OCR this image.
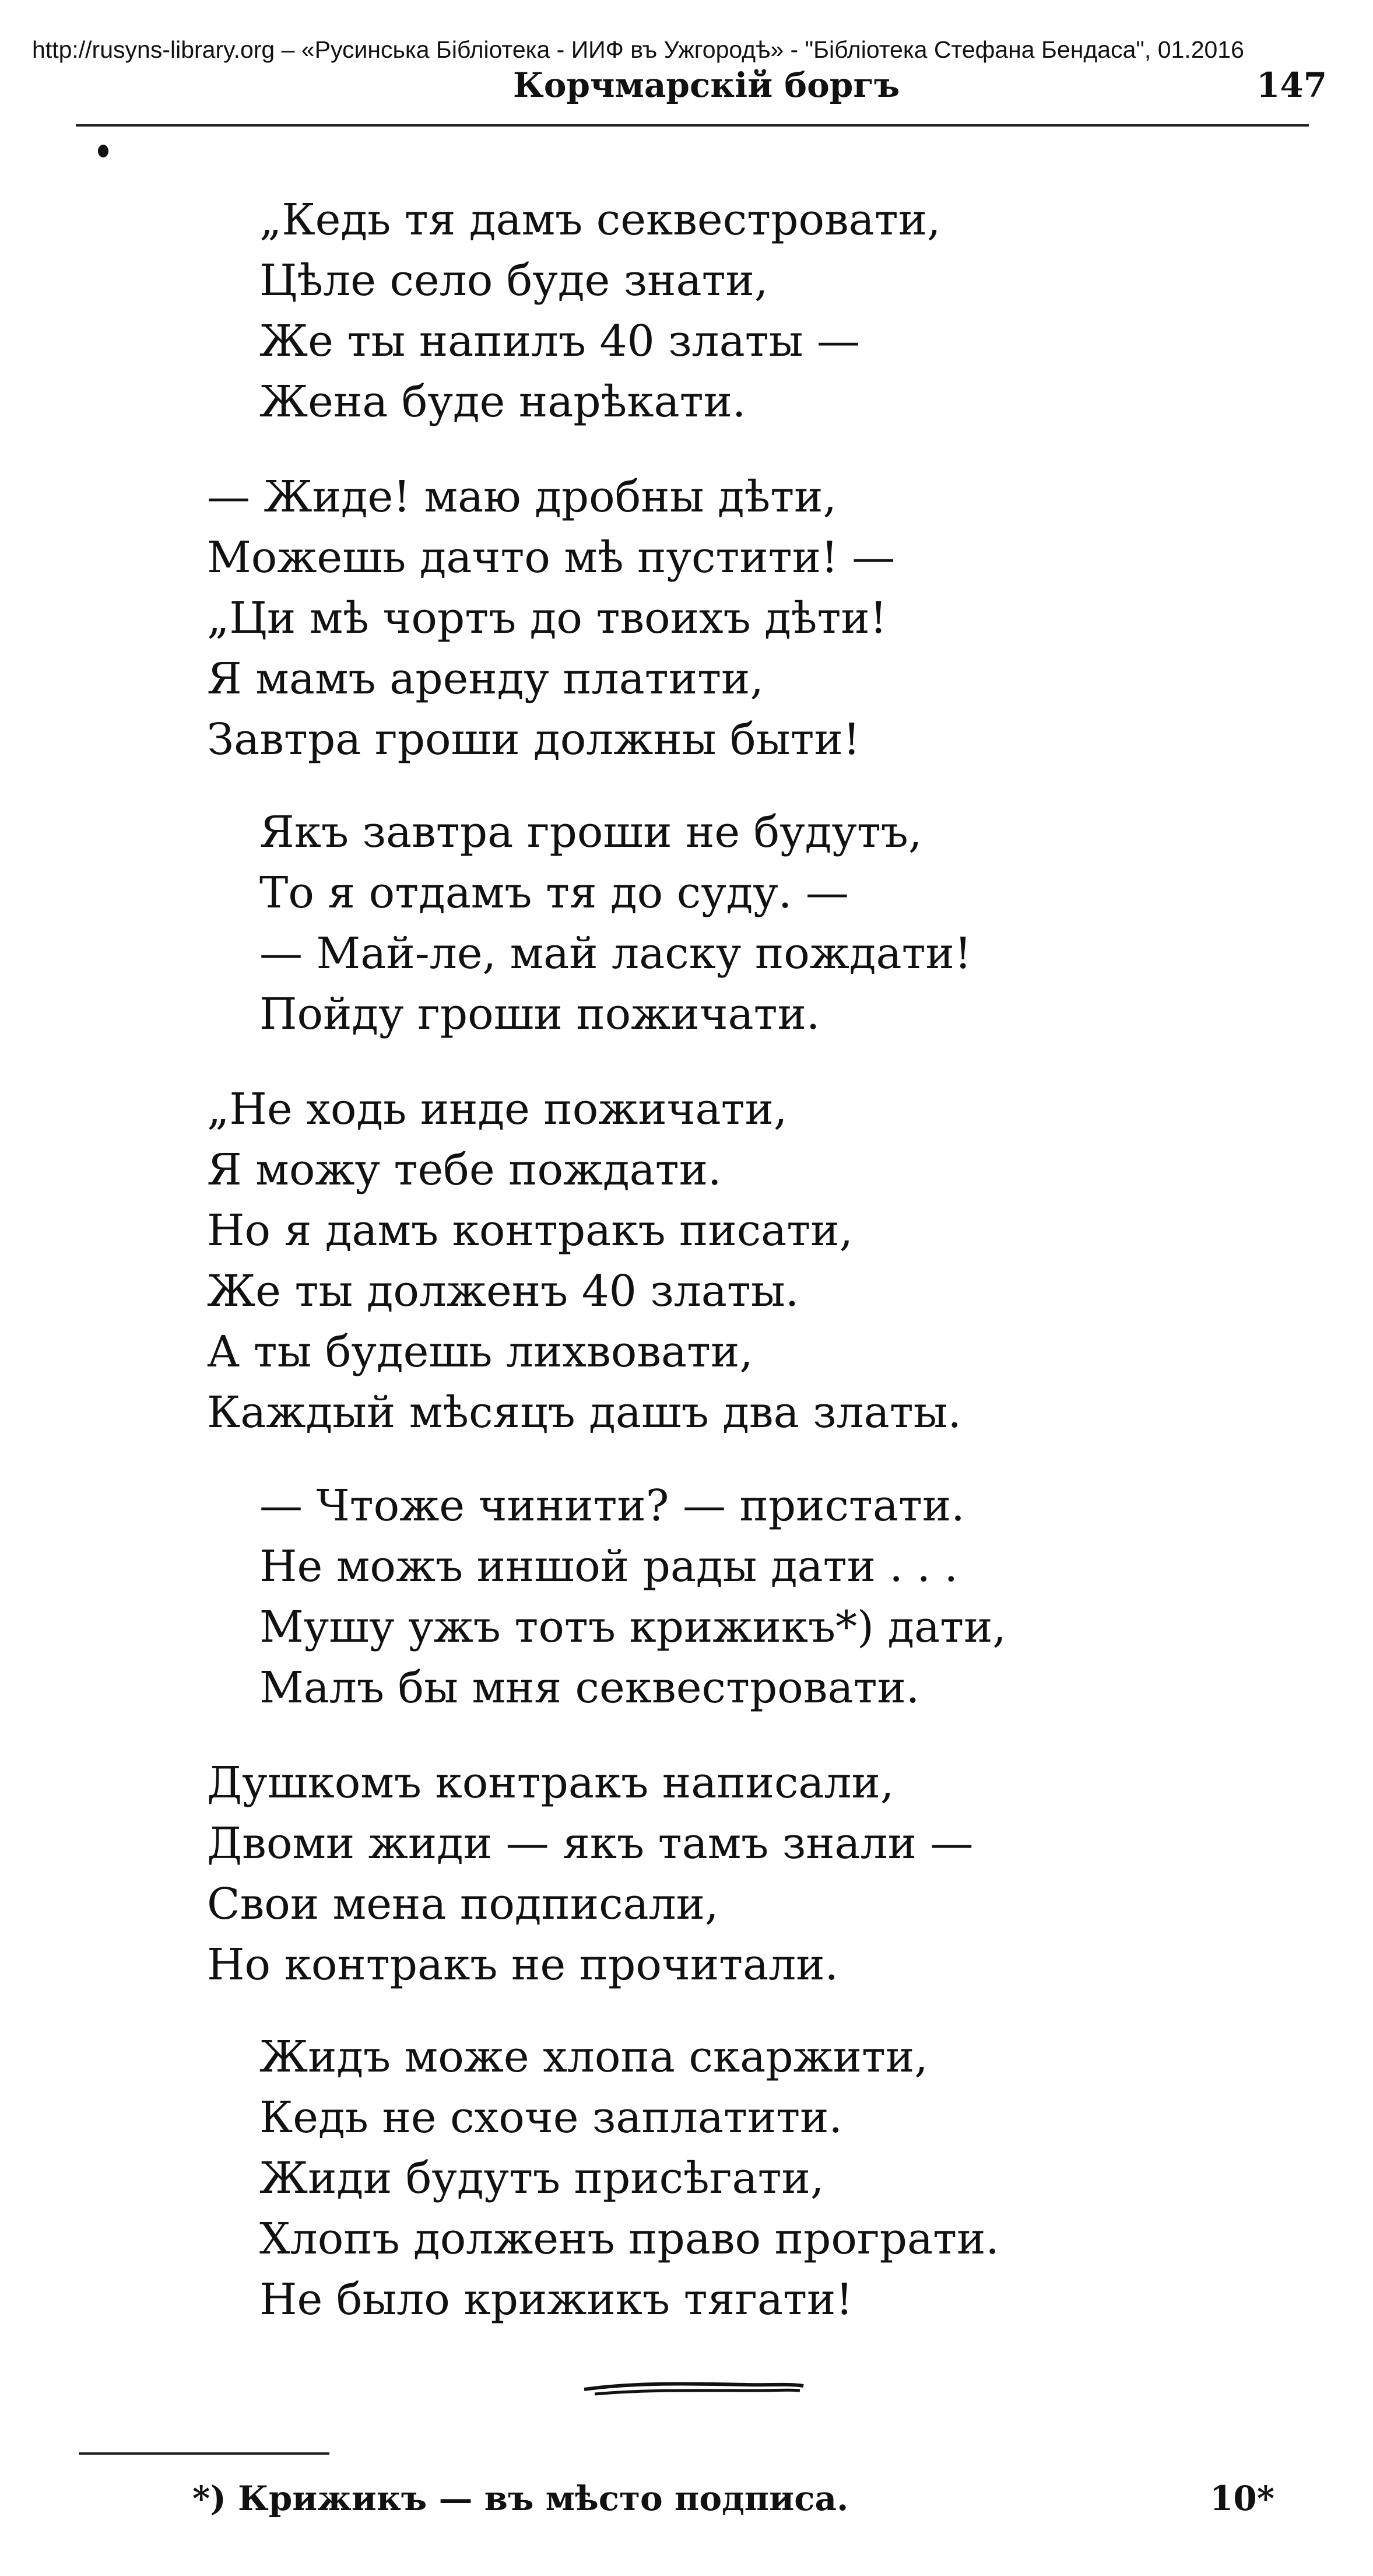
http://rusyns-library.org – «Русинська Бібліотека - ИИФ въ Ужгородѣ» - "Бібліотека Стефана Бендаса", 01.2016
Корчмарскій боргъ	147
„Кедь тя дамъ секвестровати,
Цѣле село буде знати,
Же ты напилъ 40 златы —
Жена буде нарѣкати.
— Жиде! маю дробны дѣти,
Можешь дачто мѣ пустити! —
„Ци мѣ чортъ до твоихъ дѣти!
Я мамъ аренду платити,
Завтра гроши должны быти!
Якъ завтра гроши не будутъ,
То я отдамъ тя до суду. —
— Май-ле, май ласку пождати!
Пойду гроши пожичати.
„Не ходь инде пожичати,
Я можу тебе пождати.
Но я дамъ контракъ писати,
Же ты долженъ 40 златы.
А ты будешь лихвовати,
Каждый мѣсяцъ дашъ два златы.
— Чтоже чинити? — пристати.
Не можъ иншой рады дати . . .
Мушу ужъ тотъ крижикъ*) дати,
Малъ бы мня секвестровати.
Душкомъ контракъ написали,
Двоми жиди — якъ тамъ знали —
Свои мена подписали,
Но контракъ не прочитали.
Жидъ може хлопа скаржити,
Кедь не схоче заплатити.
Жиди будутъ присѣгати,
Хлопъ долженъ право програти.
Не было крижикъ тягати!
*) Крижикъ — въ мѣсто подписа.	10*
